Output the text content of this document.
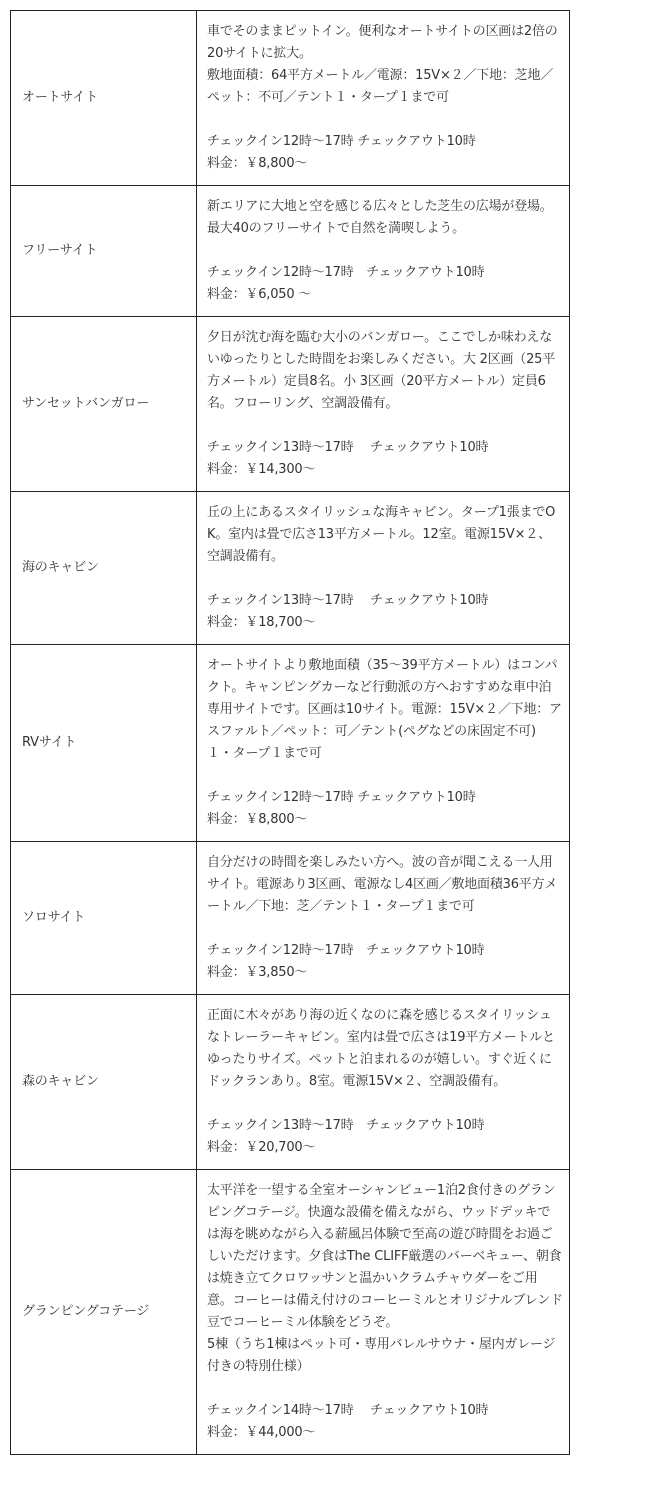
オートサイト	車でそのままピットイン。便利なオートサイトの区画は2倍の20サイトに拡大。

敷地面積：64平方メートル／電源：15V×２／下地：芝地／ペット：不可／テント１・タープ１まで可

チェックイン12時〜17時 チェックアウト10時

料金：￥8,800〜

フリーサイト	新エリアに大地と空を感じる広々とした芝生の広場が登場。最大40のフリーサイトで自然を満喫しよう。

チェックイン12時〜17時　チェックアウト10時

料金：￥6,050 〜

サンセットバンガロー	夕日が沈む海を臨む大小のバンガロー。ここでしか味わえないゆったりとした時間をお楽しみください。大 2区画（25平方メートル）定員8名。小 3区画（20平方メートル）定員6名。フローリング、空調設備有。

チェックイン13時〜17時　 チェックアウト10時

料金：￥14,300〜

海のキャビン	丘の上にあるスタイリッシュな海キャビン。タープ1張までOK。室内は畳で広さ13平方メートル。12室。電源15V×２、空調設備有。

チェックイン13時〜17時　 チェックアウト10時

料金：￥18,700〜

RVサイト	オートサイトより敷地面積（35〜39平方メートル）はコンパクト。キャンピングカーなど行動派の方へおすすめな車中泊専用サイトです。区画は10サイト。電源：15V×２／下地：アスファルト／ペット：可／テント(ペグなどの床固定不可) １・タープ１まで可

チェックイン12時〜17時 チェックアウト10時

料金：￥8,800〜

ソロサイト	自分だけの時間を楽しみたい方へ。波の音が聞こえる一人用サイト。電源あり3区画、電源なし4区画／敷地面積36平方メートル／下地：芝／テント１・タープ１まで可

チェックイン12時〜17時　チェックアウト10時

料金：￥3,850〜

森のキャビン	正面に木々があり海の近くなのに森を感じるスタイリッシュなトレーラーキャビン。室内は畳で広さは19平方メートルとゆったりサイズ。ペットと泊まれるのが嬉しい。すぐ近くにドックランあり。8室。電源15V×２、空調設備有。

チェックイン13時〜17時　チェックアウト10時

料金：￥20,700〜

グランピングコテージ	太平洋を一望する全室オーシャンビュー1泊2食付きのグランピングコテージ。快適な設備を備えながら、ウッドデッキでは海を眺めながら入る薪風呂体験で至高の遊び時間をお過ごしいただけます。夕食はThe CLIFF厳選のバーベキュー、朝食は焼き立てクロワッサンと温かいクラムチャウダーをご用意。コーヒーは備え付けのコーヒーミルとオリジナルブレンド豆でコーヒーミル体験をどうぞ。

5棟（うち1棟はペット可・専用バレルサウナ・屋内ガレージ付きの特別仕様）

チェックイン14時〜17時　 チェックアウト10時

料金：￥44,000〜
